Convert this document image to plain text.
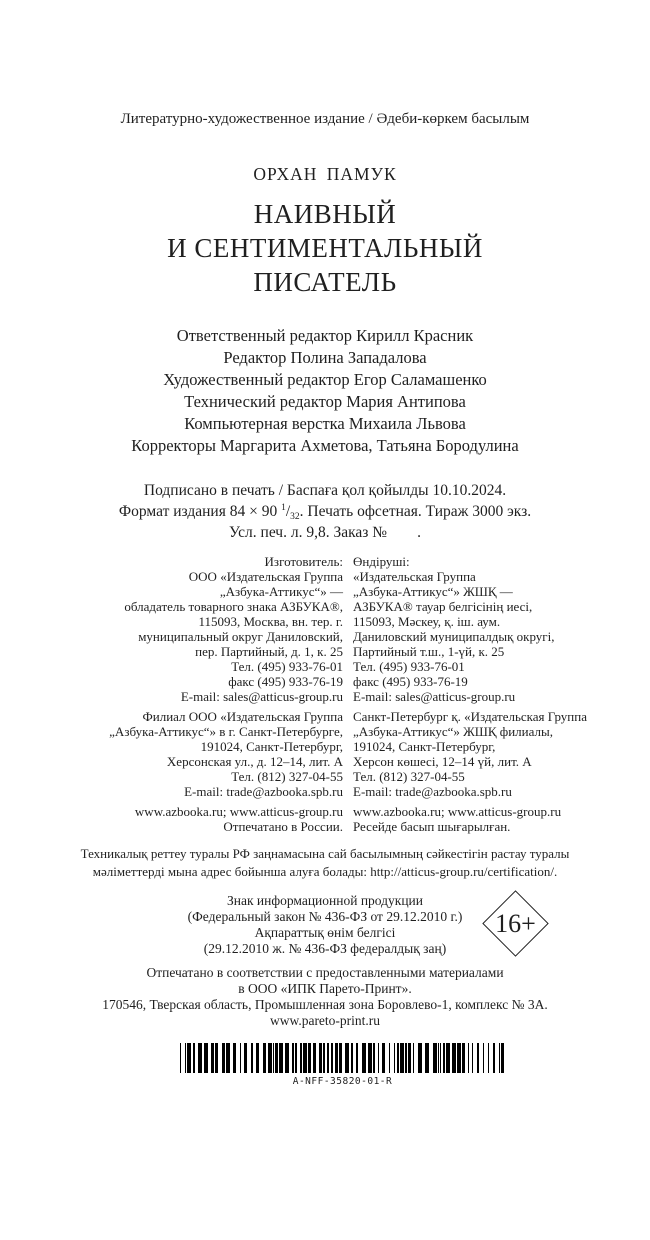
Литературно-художественное издание / Әдеби-көркем басылым
ОРХАН ПАМУК
НАИВНЫЙ
И СЕНТИМЕНТАЛЬНЫЙ
ПИСАТЕЛЬ
Ответственный редактор Кирилл Красник
Редактор Полина Западалова
Художественный редактор Егор Саламашенко
Технический редактор Мария Антипова
Компьютерная верстка Михаила Львова
Корректоры Маргарита Ахметова, Татьяна Бородулина
Подписано в печать / Баспаға қол қойылды 10.10.2024.
Формат издания 84 × 90 $^1/_{32}$. Печать офсетная. Тираж 3000 экз.
Усл. печ. л. 9,8. Заказ № .
Изготовитель:
ООО «Издательская Группа
„Азбука-Аттикус“» —
обладатель товарного знака АЗБУКА®,
115093, Москва, вн. тер. г.
муниципальный округ Даниловский,
пер. Партийный, д. 1, к. 25
Тел. (495) 933-76-01
факс (495) 933-76-19
E-mail: sales@atticus-group.ru
Филиал ООО «Издательская Группа
„Азбука-Аттикус“» в г. Санкт-Петербурге,
191024, Санкт-Петербург,
Херсонская ул., д. 12–14, лит. А
Тел. (812) 327-04-55
E-mail: trade@azbooka.spb.ru
www.azbooka.ru; www.atticus-group.ru
Отпечатано в России.
Өндіруші:
«Издательская Группа
„Азбука-Аттикус“» ЖШҚ —
АЗБУКА® тауар белгісінің иесі,
115093, Мәскеу, қ. іш. аум.
Даниловский муниципалдық округі,
Партийный т.ш., 1-үй, к. 25
Тел. (495) 933-76-01
факс (495) 933-76-19
E-mail: sales@atticus-group.ru
Санкт-Петербург қ. «Издательская Группа
„Азбука-Аттикус“» ЖШҚ филиалы,
191024, Санкт-Петербург,
Херсон көшесі, 12–14 үй, лит. А
Тел. (812) 327-04-55
E-mail: trade@azbooka.spb.ru
www.azbooka.ru; www.atticus-group.ru
Ресейде басып шығарылған.
Техникалық реттеу туралы РФ заңнамасына сай басылымның сәйкестігін растау туралы
мәліметтерді мына адрес бойынша алуға болады: http://atticus-group.ru/certification/.
Знак информационной продукции
(Федеральный закон № 436-ФЗ от 29.12.2010 г.)
Ақпараттық өнім белгісі
(29.12.2010 ж. № 436-ФЗ федералдық заң)
16+
Отпечатано в соответствии с предоставленными материалами
в ООО «ИПК Парето-Принт».
170546, Тверская область, Промышленная зона Боровлево-1, комплекс № 3А.
www.pareto-print.ru
A-NFF-35820-01-R
